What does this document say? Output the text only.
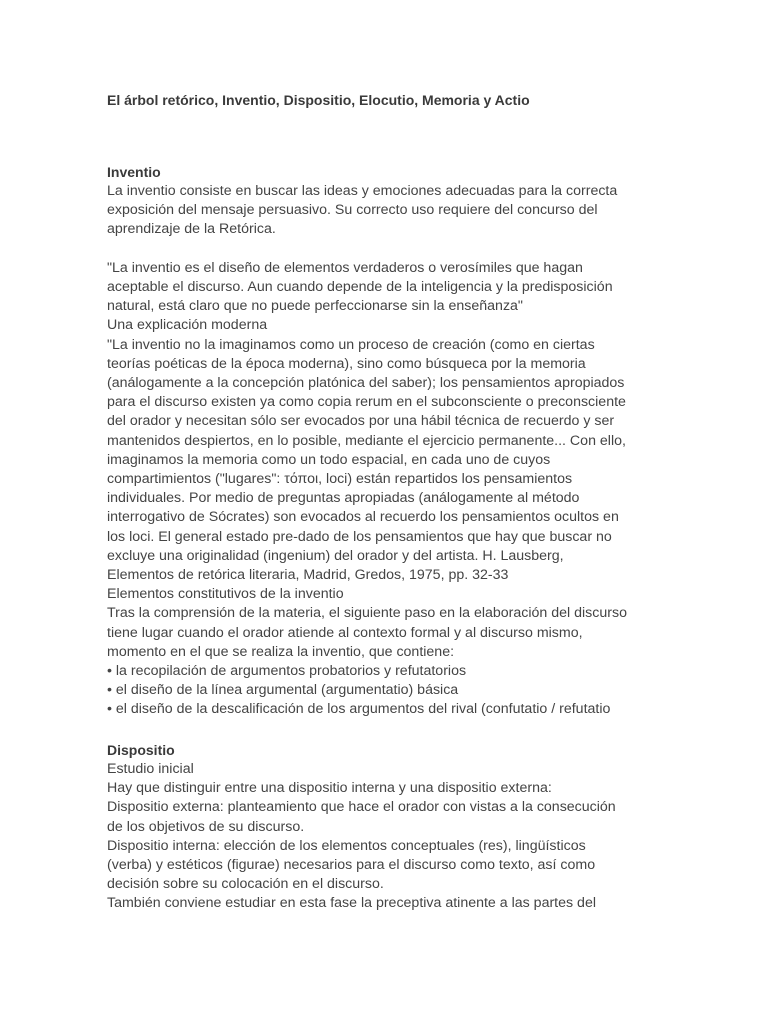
El árbol retórico, Inventio, Dispositio, Elocutio, Memoria y Actio
Inventio
La inventio consiste en buscar las ideas y emociones adecuadas para la correcta
exposición del mensaje persuasivo. Su correcto uso requiere del concurso del
aprendizaje de la Retórica.
"La inventio es el diseño de elementos verdaderos o verosímiles que hagan
aceptable el discurso. Aun cuando depende de la inteligencia y la predisposición
natural, está claro que no puede perfeccionarse sin la enseñanza"
Una explicación moderna
"La inventio no la imaginamos como un proceso de creación (como en ciertas
teorías poéticas de la época moderna), sino como búsqueca por la memoria
(análogamente a la concepción platónica del saber); los pensamientos apropiados
para el discurso existen ya como copia rerum en el subconsciente o preconsciente
del orador y necesitan sólo ser evocados por una hábil técnica de recuerdo y ser
mantenidos despiertos, en lo posible, mediante el ejercicio permanente... Con ello,
imaginamos la memoria como un todo espacial, en cada uno de cuyos
compartimientos ("lugares": τόποι, loci) están repartidos los pensamientos
individuales. Por medio de preguntas apropiadas (análogamente al método
interrogativo de Sócrates) son evocados al recuerdo los pensamientos ocultos en
los loci. El general estado pre-dado de los pensamientos que hay que buscar no
excluye una originalidad (ingenium) del orador y del artista. H. Lausberg,
Elementos de retórica literaria, Madrid, Gredos, 1975, pp. 32-33
Elementos constitutivos de la inventio
Tras la comprensión de la materia, el siguiente paso en la elaboración del discurso
tiene lugar cuando el orador atiende al contexto formal y al discurso mismo,
momento en el que se realiza la inventio, que contiene:
• la recopilación de argumentos probatorios y refutatorios
• el diseño de la línea argumental (argumentatio) básica
• el diseño de la descalificación de los argumentos del rival (confutatio / refutatio
Dispositio
Estudio inicial
Hay que distinguir entre una dispositio interna y una dispositio externa:
Dispositio externa: planteamiento que hace el orador con vistas a la consecución
de los objetivos de su discurso.
Dispositio interna: elección de los elementos conceptuales (res), lingüísticos
(verba) y estéticos (figurae) necesarios para el discurso como texto, así como
decisión sobre su colocación en el discurso.
También conviene estudiar en esta fase la preceptiva atinente a las partes del
